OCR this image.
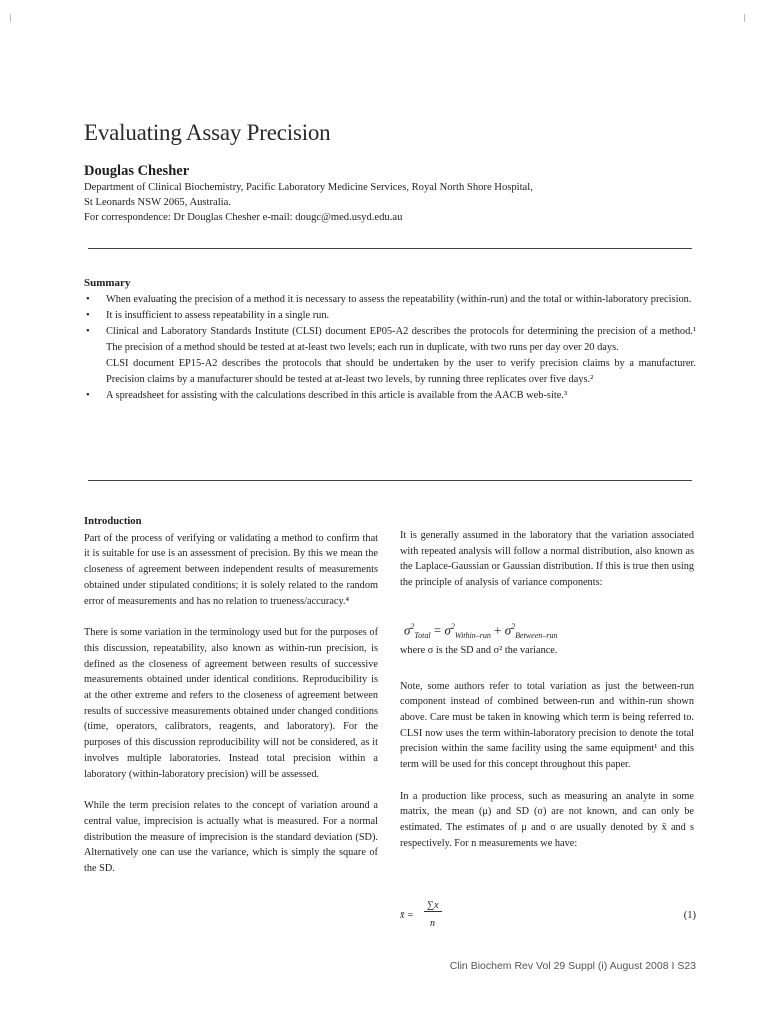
Evaluating Assay Precision
Douglas Chesher
Department of Clinical Biochemistry, Pacific Laboratory Medicine Services, Royal North Shore Hospital,
St Leonards NSW 2065, Australia.
For correspondence: Dr Douglas Chesher e-mail: dougc@med.usyd.edu.au
Summary
• When evaluating the precision of a method it is necessary to assess the repeatability (within-run) and the total or within-laboratory precision.
• It is insufficient to assess repeatability in a single run.
• Clinical and Laboratory Standards Institute (CLSI) document EP05-A2 describes the protocols for determining the precision of a method.¹ The precision of a method should be tested at at-least two levels; each run in duplicate, with two runs per day over 20 days.
CLSI document EP15-A2 describes the protocols that should be undertaken by the user to verify precision claims by a manufacturer. Precision claims by a manufacturer should be tested at at-least two levels, by running three replicates over five days.²
• A spreadsheet for assisting with the calculations described in this article is available from the AACB web-site.³

Introduction

Part of the process of verifying or validating a method to confirm that it is suitable for use is an assessment of precision. By this we mean the closeness of agreement between independent results of measurements obtained under stipulated conditions; it is solely related to the random error of measurements and has no relation to trueness/accuracy.⁴

There is some variation in the terminology used but for the purposes of this discussion, repeatability, also known as within-run precision, is defined as the closeness of agreement between results of successive measurements obtained under identical conditions. Reproducibility is at the other extreme and refers to the closeness of agreement between results of successive measurements obtained under changed conditions (time, operators, calibrators, reagents, and laboratory). For the purposes of this discussion reproducibility will not be considered, as it involves multiple laboratories. Instead total precision within a laboratory (within-laboratory precision) will be assessed.

While the term precision relates to the concept of variation around a central value, imprecision is actually what is measured. For a normal distribution the measure of imprecision is the standard deviation (SD). Alternatively one can use the variance, which is simply the square of the SD.

It is generally assumed in the laboratory that the variation associated with repeated analysis will follow a normal distribution, also known as the Laplace-Gaussian or Gaussian distribution. If this is true then using the principle of analysis of variance components:

where σ is the SD and σ² the variance.

Note, some authors refer to total variation as just the between-run component instead of combined between-run and within-run shown above. Care must be taken in knowing which term is being referred to. CLSI now uses the term within-laboratory precision to denote the total precision within the same facility using the same equipment¹ and this term will be used for this concept throughout this paper.

In a production like process, such as measuring an analyte in some matrix, the mean (μ) and SD (σ) are not known, and can only be estimated. The estimates of μ and σ are usually denoted by x̄ and s respectively. For n measurements we have:

$\sigma^2_{Total} = \sigma^2_{Within-run} + \sigma^2_{Between-run}$
x̄ =
∑x
n
(1)
Clin Biochem Rev Vol 29 Suppl (i) August 2008 I S23
